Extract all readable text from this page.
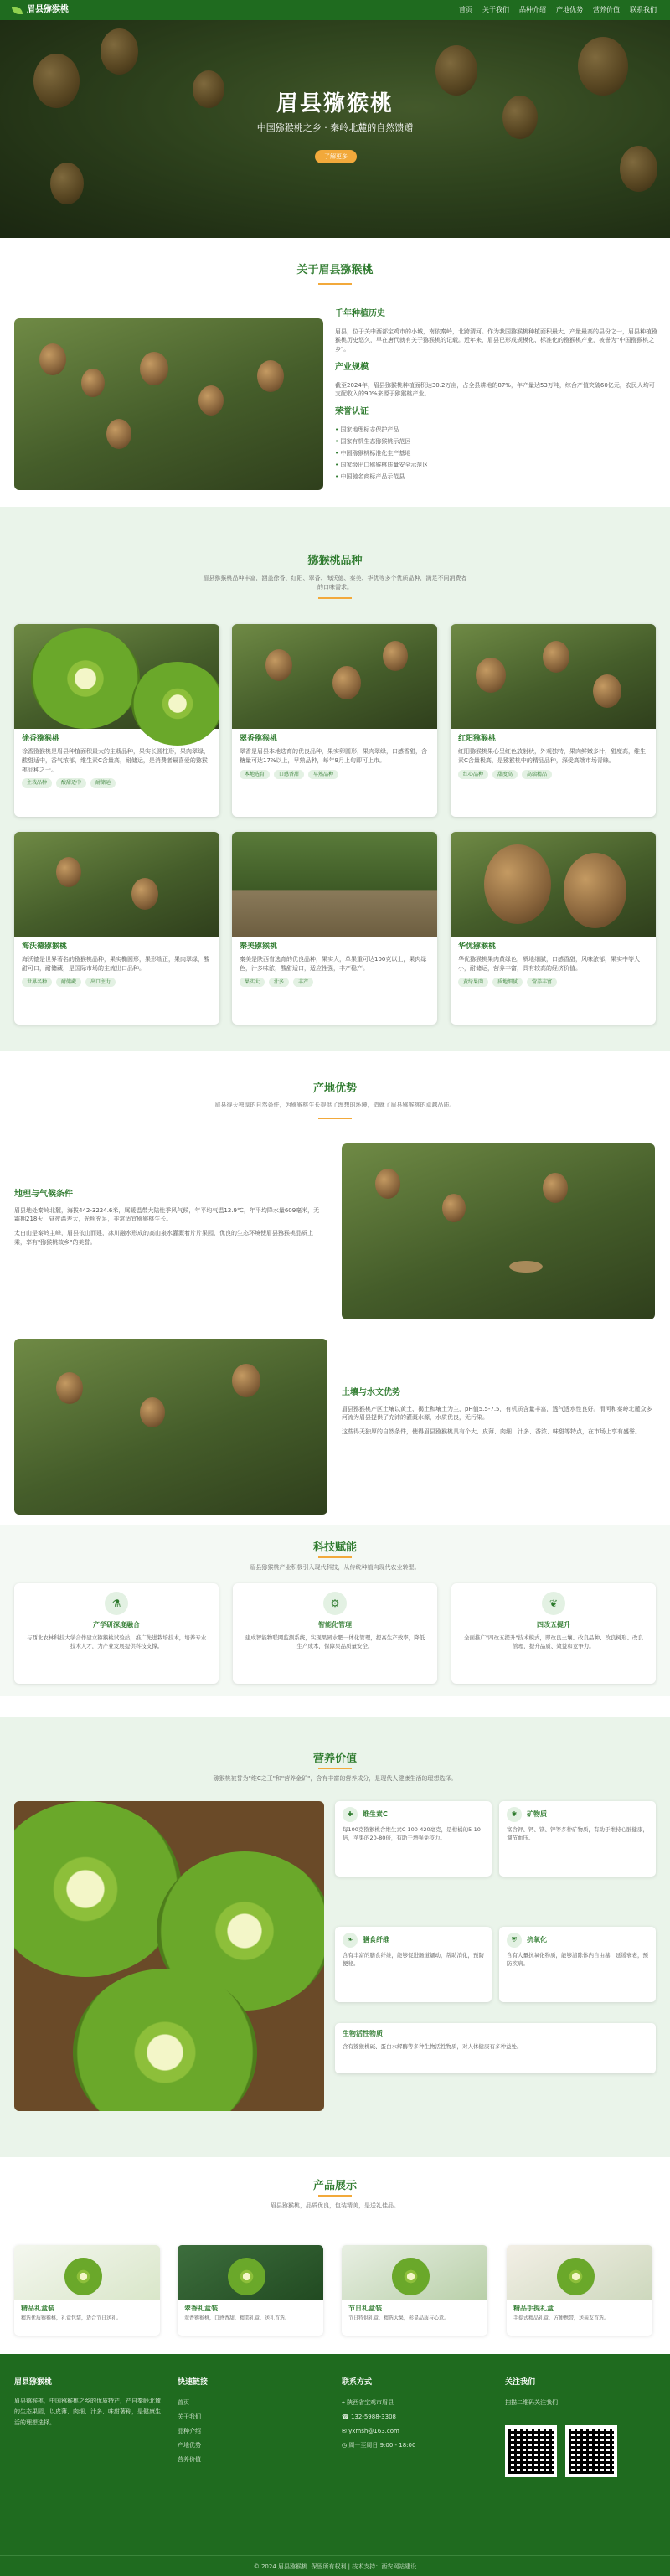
眉县猕猴桃	首页 关于我们 品种介绍 产地优势 营养价值 联系我们
眉县猕猴桃
中国猕猴桃之乡 · 秦岭北麓的自然馈赠
了解更多
关于眉县猕猴桃
千年种植历史
眉县，位于关中西部宝鸡市的小城，南依秦岭，北跨渭河。作为我国猕猴桃种植面积最大、产量最高的县份之一，眉县种植猕猴桃历史悠久，早在唐代就有关于猕猴桃的记载。近年来，眉县已形成规模化、标准化的猕猴桃产业，被誉为"中国猕猴桃之乡"。
产业规模
截至2024年，眉县猕猴桃种植面积达30.2万亩，占全县耕地的87%，年产量达53万吨，综合产值突破60亿元，农民人均可支配收入的90%来源于猕猴桃产业。
荣誉认证
• 国家地理标志保护产品
• 国家有机生态猕猴桃示范区
• 中国猕猴桃标准化生产基地
• 国家级出口猕猴桃质量安全示范区
• 中国驰名商标产品示范县
猕猴桃品种
眉县猕猴桃品种丰富，涵盖徐香、红阳、翠香、海沃德、秦美、华优等多个优质品种，满足不同消费者的口味需求。
徐香猕猴桃
徐香猕猴桃是眉县种植面积最大的主栽品种，果实长圆柱形，果肉翠绿，酸甜适中，香气浓郁，维生素C含量高，耐储运，是消费者最喜爱的猕猴桃品种之一。
主栽品种	酸甜适中	耐储运
翠香猕猴桃
翠香是眉县本地选育的优良品种，果实卵圆形，果肉翠绿，口感香甜，含糖量可达17%以上，早熟品种，每年9月上旬即可上市。
本地选育	口感香甜	早熟品种
红阳猕猴桃
红阳猕猴桃果心呈红色放射状，外观独特，果肉鲜嫩多汁，甜度高，维生素C含量极高，是猕猴桃中的精品品种，深受高端市场青睐。
红心品种	甜度高	高端精品
海沃德猕猴桃
海沃德是世界著名的猕猴桃品种，果实椭圆形，果形端正，果肉翠绿，酸甜可口，耐储藏，是国际市场的主流出口品种。
世界名种	耐储藏	出口主力
秦美猕猴桃
秦美是陕西省选育的优良品种，果实大，单果重可达100克以上，果肉绿色，汁多味浓，酸甜适口，适应性强，丰产稳产。
果实大	汁多	丰产
华优猕猴桃
华优猕猴桃果肉黄绿色，质地细腻，口感香甜，风味浓郁，果实中等大小，耐储运，营养丰富，具有较高的经济价值。
黄绿果肉	质地细腻	营养丰富
产地优势
眉县得天独厚的自然条件，为猕猴桃生长提供了理想的环境，造就了眉县猕猴桃的卓越品质。
地理与气候条件
眉县地处秦岭北麓，海拔442-3224.6米，属暖温带大陆性季风气候，年平均气温12.9℃，年平均降水量609毫米，无霜期218天，昼夜温差大，光照充足，非常适宜猕猴桃生长。
太白山是秦岭主峰，眉县依山而建，冰川融水形成的高山泉水灌溉着片片果园，优良的生态环境使眉县猕猴桃品质上乘，享有"猕猴桃故乡"的美誉。
土壤与水文优势
眉县猕猴桃产区土壤以黄土、褐土和壤土为主，pH值5.5-7.5，有机质含量丰富，透气透水性良好。渭河和秦岭北麓众多河流为眉县提供了充沛的灌溉水源，水质优良，无污染。
这些得天独厚的自然条件，使得眉县猕猴桃具有个大、皮薄、肉细、汁多、香浓、味甜等特点，在市场上享有盛誉。
科技赋能
眉县猕猴桃产业积极引入现代科技，从传统种植向现代农业转型。
⚗
产学研深度融合
与西北农林科技大学合作建立猕猴桃试验站，推广先进栽培技术，培养专业技术人才，为产业发展提供科技支撑。
⚙
智能化管理
建成智能物联网监测系统，实现果园水肥一体化管理，提高生产效率，降低生产成本，保障果品质量安全。
❦
四改五提升
全面推广"四改五提升"技术模式，即改良土壤、改良品种、改良树形、改良管理，提升品质、效益和竞争力。
营养价值
猕猴桃被誉为"维C之王"和"营养金矿"，含有丰富的营养成分，是现代人健康生活的理想选择。
✚	维生素C
每100克猕猴桃含维生素C 100-420毫克，是柑橘的5-10倍，苹果的20-80倍，有助于增强免疫力。
✱	矿物质
富含钾、钙、镁、锌等多种矿物质，有助于维持心脏健康，调节血压。
❧	膳食纤维
含有丰富的膳食纤维，能够促进肠道蠕动，帮助消化，预防便秘。
⛨	抗氧化
含有大量抗氧化物质，能够清除体内自由基，延缓衰老，预防疾病。
生物活性物质
含有猕猴桃碱、蛋白水解酶等多种生物活性物质，对人体健康有多种益处。
产品展示
眉县猕猴桃，品质优良，包装精美，是送礼佳品。
精品礼盒装
精选优质猕猴桃，礼盒包装，适合节日送礼。
翠香礼盒装
翠香猕猴桃，口感香甜，精美礼盒，送礼首选。
节日礼盒装
节日特供礼盒，精选大果，彰显品质与心意。
精品手提礼盒
手提式精品礼盒，方便携带，送亲友首选。
眉县猕猴桃
眉县猕猴桃，中国猕猴桃之乡的优质特产，产自秦岭北麓的生态果园，以皮薄、肉细、汁多、味甜著称，是健康生活的理想选择。
快速链接
首页
关于我们
品种介绍
产地优势
营养价值
联系方式
⌖ 陕西省宝鸡市眉县
☎ 132-5988-3308
✉ yxmsh@163.com
◷ 周一至周日 9:00 - 18:00
关注我们
扫描二维码关注我们
© 2024 眉县猕猴桃. 保留所有权利 | 技术支持：西安网站建设
